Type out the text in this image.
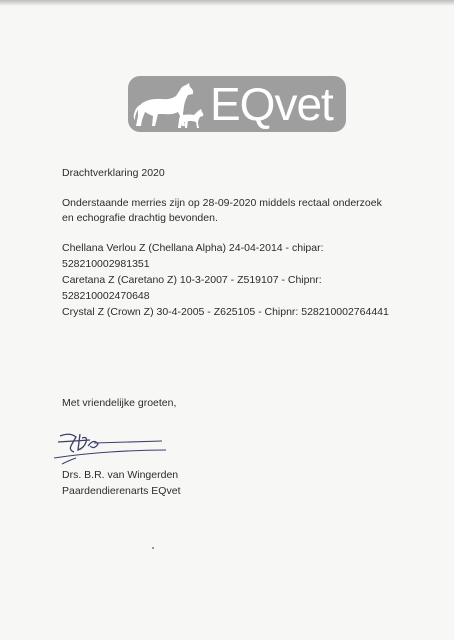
EQvet
Drachtverklaring 2020
Onderstaande merries zijn op 28-09-2020 middels rectaal onderzoek
en echografie drachtig bevonden.
Chellana Verlou Z (Chellana Alpha) 24-04-2014 - chipar:
528210002981351
Caretana Z (Caretano Z) 10-3-2007 - Z519107 - Chipnr:
528210002470648
Crystal Z (Crown Z) 30-4-2005 - Z625105 - Chipnr: 528210002764441
Met vriendelijke groeten,
Drs. B.R. van Wingerden
Paardendierenarts EQvet
